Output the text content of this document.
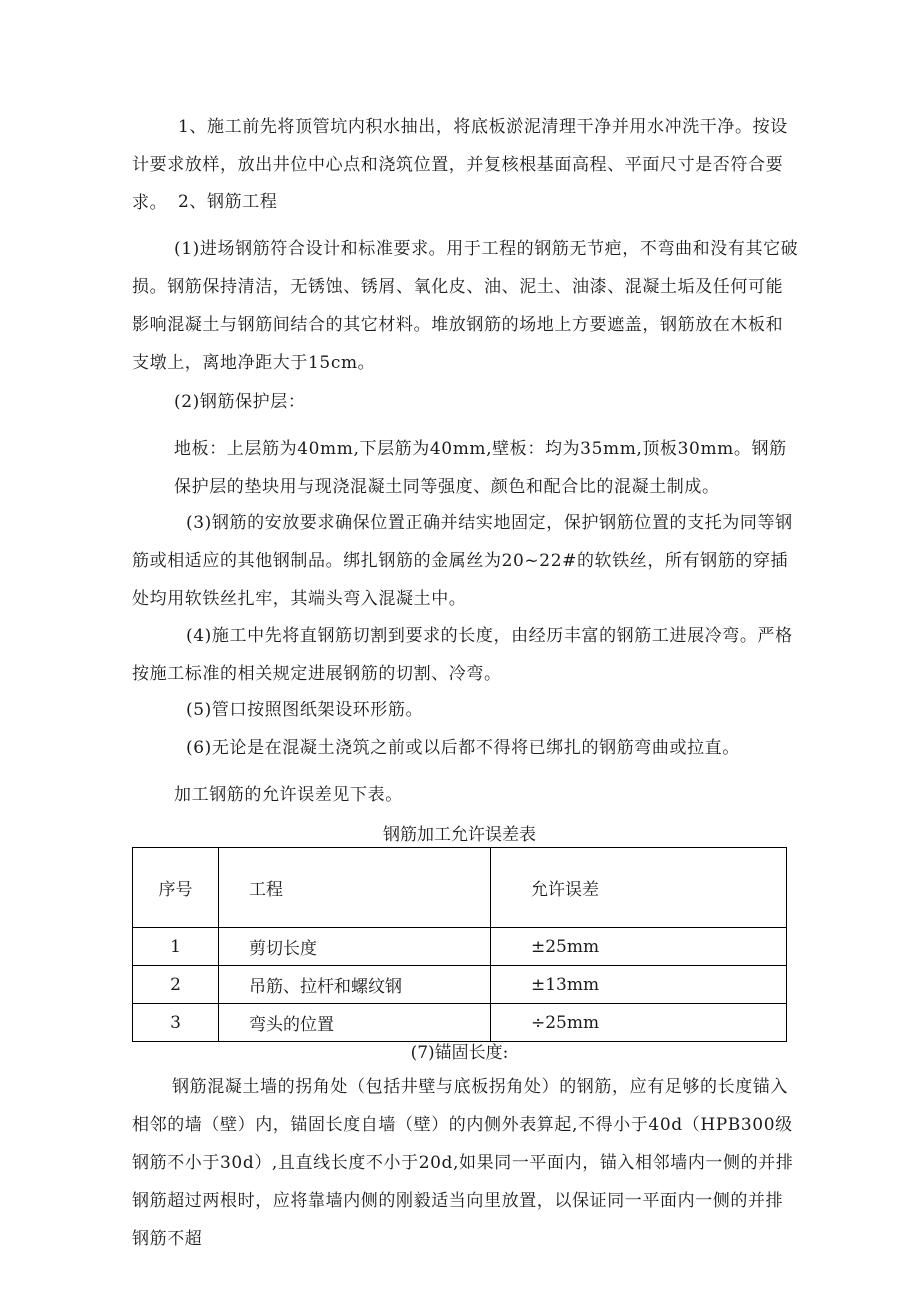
1、施工前先将顶管坑内积水抽出，将底板淤泥清理干净并用水冲洗干净。按设计要求放样，放出井位中心点和浇筑位置，并复核根基面高程、平面尺寸是否符合要求。 2、钢筋工程

(1)进场钢筋符合设计和标准要求。用于工程的钢筋无节疤，不弯曲和没有其它破损。钢筋保持清洁，无锈蚀、锈屑、氧化皮、油、泥土、油漆、混凝土垢及任何可能影响混凝土与钢筋间结合的其它材料。堆放钢筋的场地上方要遮盖，钢筋放在木板和支墩上，离地净距大于15cm。

(2)钢筋保护层：

地板：上层筋为40mm,下层筋为40mm,壁板：均为35mm,顶板30mm。钢筋保护层的垫块用与现浇混凝土同等强度、颜色和配合比的混凝土制成。

(3)钢筋的安放要求确保位置正确并结实地固定，保护钢筋位置的支托为同等钢筋或相适应的其他钢制品。绑扎钢筋的金属丝为20~22#的软铁丝，所有钢筋的穿插处均用软铁丝扎牢，其端头弯入混凝土中。

(4)施工中先将直钢筋切割到要求的长度，由经历丰富的钢筋工进展冷弯。严格按施工标准的相关规定进展钢筋的切割、冷弯。

(5)管口按照图纸架设环形筋。

(6)无论是在混凝土浇筑之前或以后都不得将已绑扎的钢筋弯曲或拉直。

加工钢筋的允许误差见下表。

钢筋加工允许误差表
序号	工程	允许误差
1	剪切长度	±25mm
2	吊筋、拉杆和螺纹钢	±13mm
3	弯头的位置	÷25mm
(7)锚固长度:

钢筋混凝土墙的拐角处（包括井壁与底板拐角处）的钢筋，应有足够的长度锚入相邻的墙（壁）内，锚固长度自墙（壁）的内侧外表算起,不得小于40d（HPB300级钢筋不小于30d）,且直线长度不小于20d,如果同一平面内，锚入相邻墙内一侧的并排钢筋超过两根时，应将靠墙内侧的刚毅适当向里放置，以保证同一平面内一侧的并排钢筋不超
